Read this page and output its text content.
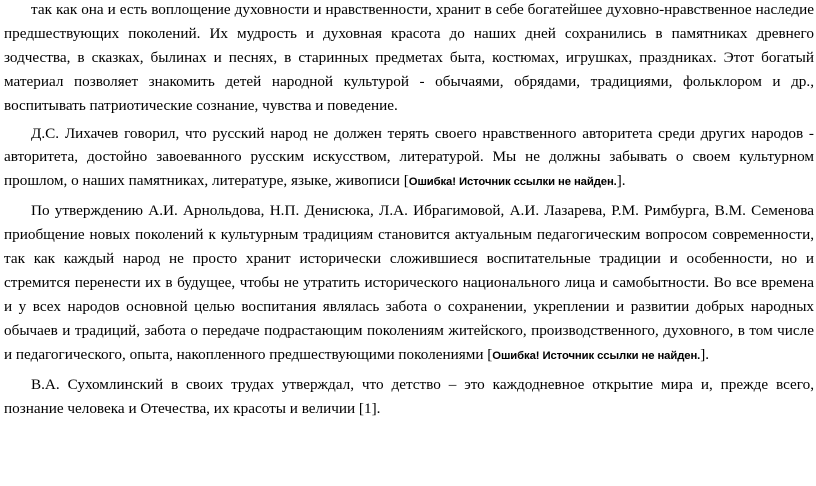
так как она и есть воплощение духовности и нравственности, хранит в себе богатейшее духовно-нравственное наследие предшествующих поколений. Их мудрость и духовная красота до наших дней сохранились в памятниках древнего зодчества, в сказках, былинах и песнях, в старинных предметах быта, костюмах, игрушках, праздниках. Этот богатый материал позволяет знакомить детей народной культурой - обычаями, обрядами, традициями, фольклором и др., воспитывать патриотические сознание, чувства и поведение.

Д.С. Лихачев говорил, что русский народ не должен терять своего нравственного авторитета среди других народов - авторитета, достойно завоеванного русским искусством, литературой. Мы не должны забывать о своем культурном прошлом, о наших памятниках, литературе, языке, живописи [Ошибка! Источник ссылки не найден.].

По утверждению А.И. Арнольдова, Н.П. Денисюка, Л.А. Ибрагимовой, А.И. Лазарева, Р.М. Римбурга, В.М. Семенова приобщение новых поколений к культурным традициям становится актуальным педагогическим вопросом современности, так как каждый народ не просто хранит исторически сложившиеся воспитательные традиции и особенности, но и стремится перенести их в будущее, чтобы не утратить исторического национального лица и самобытности. Во все времена и у всех народов основной целью воспитания являлась забота о сохранении, укреплении и развитии добрых народных обычаев и традиций, забота о передаче подрастающим поколениям житейского, производственного, духовного, в том числе и педагогического, опыта, накопленного предшествующими поколениями [Ошибка! Источник ссылки не найден.].

В.А. Сухомлинский в своих трудах утверждал, что детство – это каждодневное открытие мира и, прежде всего, познание человека и Отечества, их красоты и величии [1].
